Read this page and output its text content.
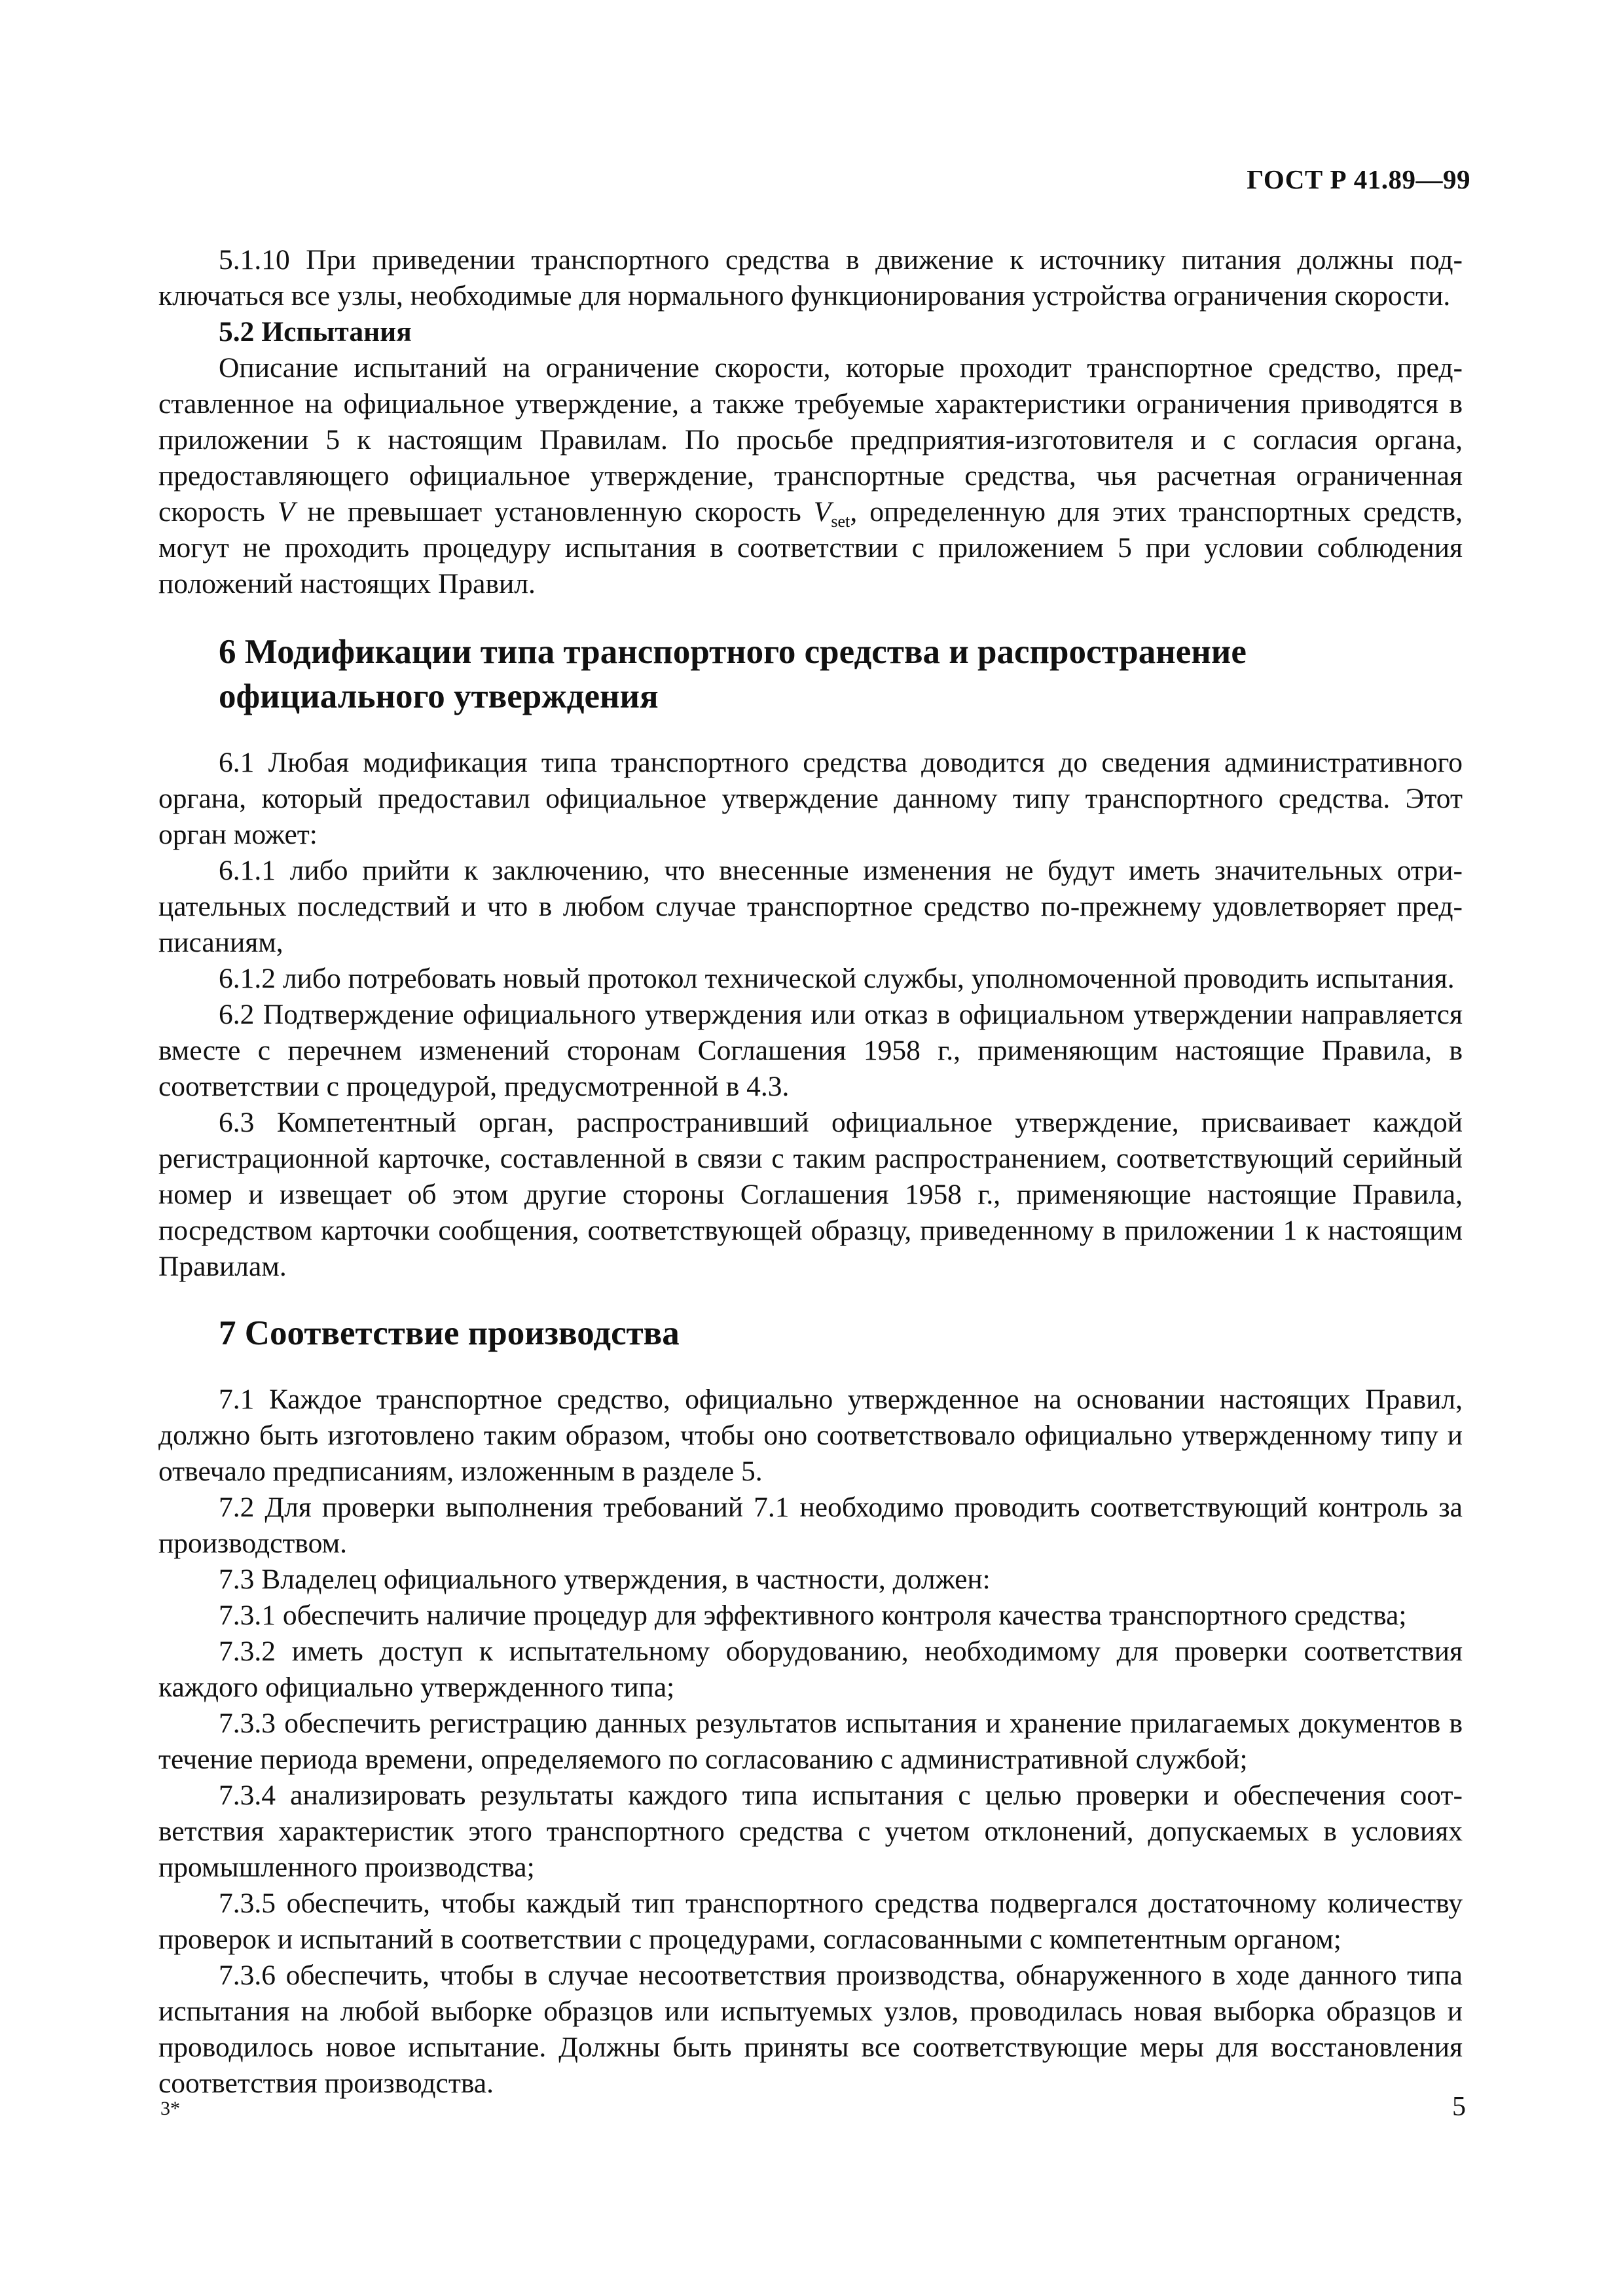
ГОСТ Р 41.89—99

5.1.10 При приведении транспортного средства в движение к источнику питания должны подключаться все узлы, необходимые для нормального функционирования устройства ограничения скорости.

5.2 Испытания

Описание испытаний на ограничение скорости, которые проходит транспортное средство, представленное на официальное утверждение, а также требуемые характеристики ограничения приводятся в приложении 5 к настоящим Правилам. По просьбе предприятия-изготовителя и с согласия органа, предоставляющего официальное утверждение, транспортные средства, чья расчетная ограниченная скорость V не превышает установленную скорость $V_{set}$, определенную для этих транспортных средств, могут не проходить процедуру испытания в соответствии с приложением 5 при условии соблюдения положений настоящих Правил.

6 Модификации типа транспортного средства и распространение официального утверждения

6.1 Любая модификация типа транспортного средства доводится до сведения административного органа, который предоставил официальное утверждение данному типу транспортного средства. Этот орган может:

6.1.1 либо прийти к заключению, что внесенные изменения не будут иметь значительных отрицательных последствий и что в любом случае транспортное средство по-прежнему удовлетворяет предписаниям,

6.1.2 либо потребовать новый протокол технической службы, уполномоченной проводить испытания.

6.2 Подтверждение официального утверждения или отказ в официальном утверждении направляется вместе с перечнем изменений сторонам Соглашения 1958 г., применяющим настоящие Правила, в соответствии с процедурой, предусмотренной в 4.3.

6.3 Компетентный орган, распространивший официальное утверждение, присваивает каждой регистрационной карточке, составленной в связи с таким распространением, соответствующий серийный номер и извещает об этом другие стороны Соглашения 1958 г., применяющие настоящие Правила, посредством карточки сообщения, соответствующей образцу, приведенному в приложении 1 к настоящим Правилам.

7 Соответствие производства

7.1 Каждое транспортное средство, официально утвержденное на основании настоящих Правил, должно быть изготовлено таким образом, чтобы оно соответствовало официально утвержденному типу и отвечало предписаниям, изложенным в разделе 5.

7.2 Для проверки выполнения требований 7.1 необходимо проводить соответствующий контроль за производством.

7.3 Владелец официального утверждения, в частности, должен:

7.3.1 обеспечить наличие процедур для эффективного контроля качества транспортного средства;

7.3.2 иметь доступ к испытательному оборудованию, необходимому для проверки соответствия каждого официально утвержденного типа;

7.3.3 обеспечить регистрацию данных результатов испытания и хранение прилагаемых документов в течение периода времени, определяемого по согласованию с административной службой;

7.3.4 анализировать результаты каждого типа испытания с целью проверки и обеспечения соответствия характеристик этого транспортного средства с учетом отклонений, допускаемых в условиях промышленного производства;

7.3.5 обеспечить, чтобы каждый тип транспортного средства подвергался достаточному количеству проверок и испытаний в соответствии с процедурами, согласованными с компетентным органом;

7.3.6 обеспечить, чтобы в случае несоответствия производства, обнаруженного в ходе данного типа испытания на любой выборке образцов или испытуемых узлов, проводилась новая выборка образцов и проводилось новое испытание. Должны быть приняты все соответствующие меры для восстановления соответствия производства.

3*	5
